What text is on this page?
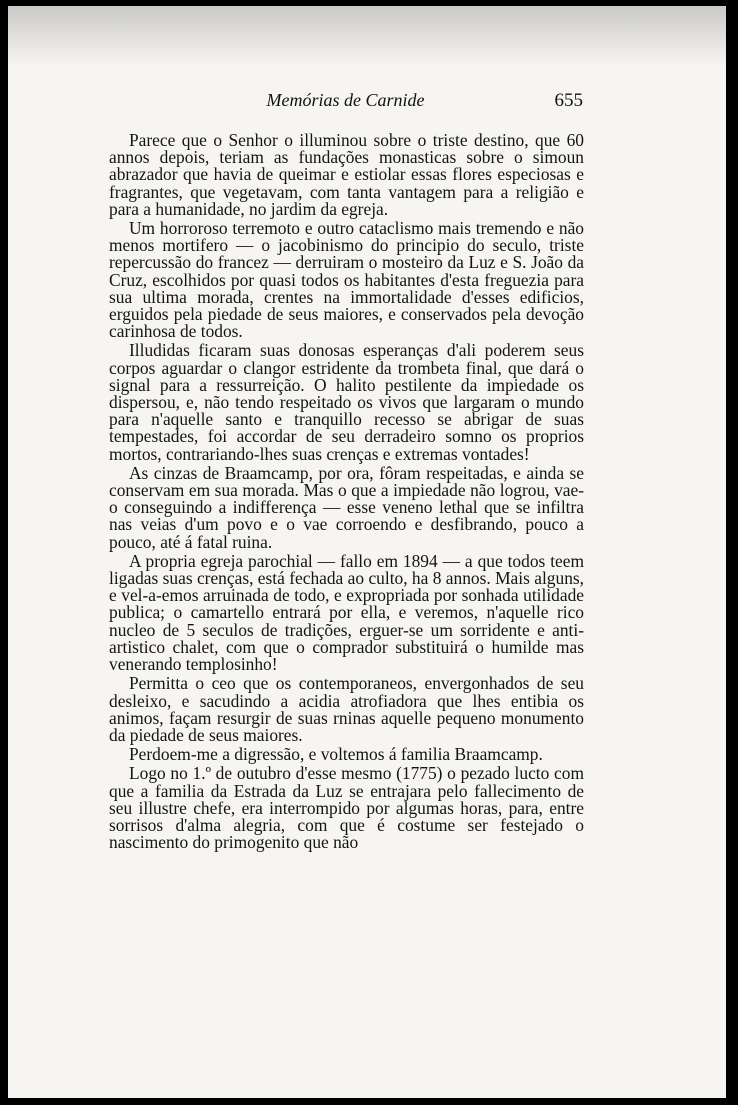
Memórias de Carnide	655

Parece que o Senhor o illuminou sobre o triste destino, que 60 annos depois, teriam as fundações monasticas sobre o simoun abrazador que havia de queimar e estiolar essas flores especiosas e fragrantes, que vegetavam, com tanta vantagem para a religião e para a humanidade, no jardim da egreja.

Um horroroso terremoto e outro cataclismo mais tremendo e não menos mortifero — o jacobinismo do principio do seculo, triste repercussão do francez — derruiram o mosteiro da Luz e S. João da Cruz, escolhidos por quasi todos os habitantes d'esta freguezia para sua ultima morada, crentes na immortalidade d'esses edificios, erguidos pela piedade de seus maiores, e conservados pela devoção carinhosa de todos.

Illudidas ficaram suas donosas esperanças d'ali poderem seus corpos aguardar o clangor estridente da trombeta final, que dará o signal para a ressurreição. O halito pestilente da impiedade os dispersou, e, não tendo respeitado os vivos que largaram o mundo para n'aquelle santo e tranquillo recesso se abrigar de suas tempestades, foi accordar de seu derradeiro somno os proprios mortos, contrariando-lhes suas crenças e extremas vontades!

As cinzas de Braamcamp, por ora, fôram respeitadas, e ainda se conservam em sua morada. Mas o que a impiedade não logrou, vae-o conseguindo a indifferença — esse veneno lethal que se infiltra nas veias d'um povo e o vae corroendo e desfibrando, pouco a pouco, até á fatal ruina.

A propria egreja parochial — fallo em 1894 — a que todos teem ligadas suas crenças, está fechada ao culto, ha 8 annos. Mais alguns, e vel-a-emos arruinada de todo, e expropriada por sonhada utilidade publica; o camartello entrará por ella, e veremos, n'aquelle rico nucleo de 5 seculos de tradições, erguer-se um sorridente e anti-artistico chalet, com que o comprador substituirá o humilde mas venerando templosinho!

Permitta o ceo que os contemporaneos, envergonhados de seu desleixo, e sacudindo a acidia atrofiadora que lhes entibia os animos, façam resurgir de suas rninas aquelle pequeno monumento da piedade de seus maiores.

Perdoem-me a digressão, e voltemos á familia Braamcamp.

Logo no 1.º de outubro d'esse mesmo (1775) o pezado lucto com que a familia da Estrada da Luz se entrajara pelo fallecimento de seu illustre chefe, era interrompido por algumas horas, para, entre sorrisos d'alma alegria, com que é costume ser festejado o nascimento do primogenito que não
